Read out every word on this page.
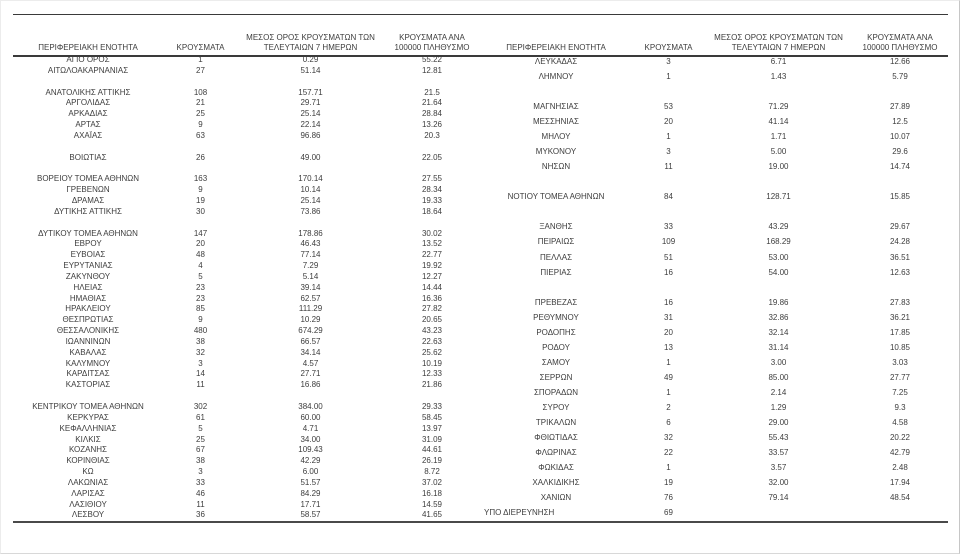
ΠΕΡΙΦΕΡΕΙΑΚΗ ΕΝΟΤΗΤΑ	ΚΡΟΥΣΜΑΤΑ	ΜΕΣΟΣ ΟΡΟΣ ΚΡΟΥΣΜΑΤΩΝ ΤΩΝ ΤΕΛΕΥΤΑΙΩΝ 7 ΗΜΕΡΩΝ	ΚΡΟΥΣΜΑΤΑ ΑΝΑ 100000 ΠΛΗΘΥΣΜΟ
ΑΓΙΟ ΟΡΟΣ	1	0.29	55.22
ΑΙΤΩΛΟΑΚΑΡΝΑΝΙΑΣ	27	51.14	12.81

ΑΝΑΤΟΛΙΚΗΣ ΑΤΤΙΚΗΣ	108	157.71	21.5
ΑΡΓΟΛΙΔΑΣ	21	29.71	21.64
ΑΡΚΑΔΙΑΣ	25	25.14	28.84
ΑΡΤΑΣ	9	22.14	13.26
ΑΧΑΪΑΣ	63	96.86	20.3

ΒΟΙΩΤΙΑΣ	26	49.00	22.05

ΒΟΡΕΙΟΥ ΤΟΜΕΑ ΑΘΗΝΩΝ	163	170.14	27.55
ΓΡΕΒΕΝΩΝ	9	10.14	28.34
ΔΡΑΜΑΣ	19	25.14	19.33
ΔΥΤΙΚΗΣ ΑΤΤΙΚΗΣ	30	73.86	18.64

ΔΥΤΙΚΟΥ ΤΟΜΕΑ ΑΘΗΝΩΝ	147	178.86	30.02
ΕΒΡΟΥ	20	46.43	13.52
ΕΥΒΟΙΑΣ	48	77.14	22.77
ΕΥΡΥΤΑΝΙΑΣ	4	7.29	19.92
ΖΑΚΥΝΘΟΥ	5	5.14	12.27
ΗΛΕΙΑΣ	23	39.14	14.44
ΗΜΑΘΙΑΣ	23	62.57	16.36
ΗΡΑΚΛΕΙΟΥ	85	111.29	27.82
ΘΕΣΠΡΩΤΙΑΣ	9	10.29	20.65
ΘΕΣΣΑΛΟΝΙΚΗΣ	480	674.29	43.23
ΙΩΑΝΝΙΝΩΝ	38	66.57	22.63
ΚΑΒΑΛΑΣ	32	34.14	25.62
ΚΑΛΥΜΝΟΥ	3	4.57	10.19
ΚΑΡΔΙΤΣΑΣ	14	27.71	12.33
ΚΑΣΤΟΡΙΑΣ	11	16.86	21.86

ΚΕΝΤΡΙΚΟΥ ΤΟΜΕΑ ΑΘΗΝΩΝ	302	384.00	29.33
ΚΕΡΚΥΡΑΣ	61	60.00	58.45
ΚΕΦΑΛΛΗΝΙΑΣ	5	4.71	13.97
ΚΙΛΚΙΣ	25	34.00	31.09
ΚΟΖΑΝΗΣ	67	109.43	44.61
ΚΟΡΙΝΘΙΑΣ	38	42.29	26.19
ΚΩ	3	6.00	8.72
ΛΑΚΩΝΙΑΣ	33	51.57	37.02
ΛΑΡΙΣΑΣ	46	84.29	16.18
ΛΑΣΙΘΙΟΥ	11	17.71	14.59
ΛΕΣΒΟΥ	36	58.57	41.65
ΠΕΡΙΦΕΡΕΙΑΚΗ ΕΝΟΤΗΤΑ	ΚΡΟΥΣΜΑΤΑ	ΜΕΣΟΣ ΟΡΟΣ ΚΡΟΥΣΜΑΤΩΝ ΤΩΝ ΤΕΛΕΥΤΑΙΩΝ 7 ΗΜΕΡΩΝ	ΚΡΟΥΣΜΑΤΑ ΑΝΑ 100000 ΠΛΗΘΥΣΜΟ
ΛΕΥΚΑΔΑΣ	3	6.71	12.66
ΛΗΜΝΟΥ	1	1.43	5.79

ΜΑΓΝΗΣΙΑΣ	53	71.29	27.89
ΜΕΣΣΗΝΙΑΣ	20	41.14	12.5
ΜΗΛΟΥ	1	1.71	10.07
ΜΥΚΟΝΟΥ	3	5.00	29.6
ΝΗΣΩΝ	11	19.00	14.74

ΝΟΤΙΟΥ ΤΟΜΕΑ ΑΘΗΝΩΝ	84	128.71	15.85

ΞΑΝΘΗΣ	33	43.29	29.67
ΠΕΙΡΑΙΩΣ	109	168.29	24.28
ΠΕΛΛΑΣ	51	53.00	36.51
ΠΙΕΡΙΑΣ	16	54.00	12.63

ΠΡΕΒΕΖΑΣ	16	19.86	27.83
ΡΕΘΥΜΝΟΥ	31	32.86	36.21
ΡΟΔΟΠΗΣ	20	32.14	17.85
ΡΟΔΟΥ	13	31.14	10.85
ΣΑΜΟΥ	1	3.00	3.03
ΣΕΡΡΩΝ	49	85.00	27.77
ΣΠΟΡΑΔΩΝ	1	2.14	7.25
ΣΥΡΟΥ	2	1.29	9.3
ΤΡΙΚΑΛΩΝ	6	29.00	4.58
ΦΘΙΩΤΙΔΑΣ	32	55.43	20.22
ΦΛΩΡΙΝΑΣ	22	33.57	42.79
ΦΩΚΙΔΑΣ	1	3.57	2.48
ΧΑΛΚΙΔΙΚΗΣ	19	32.00	17.94
ΧΑΝΙΩΝ	76	79.14	48.54
ΥΠΟ ΔΙΕΡΕΥΝΗΣΗ	69		
